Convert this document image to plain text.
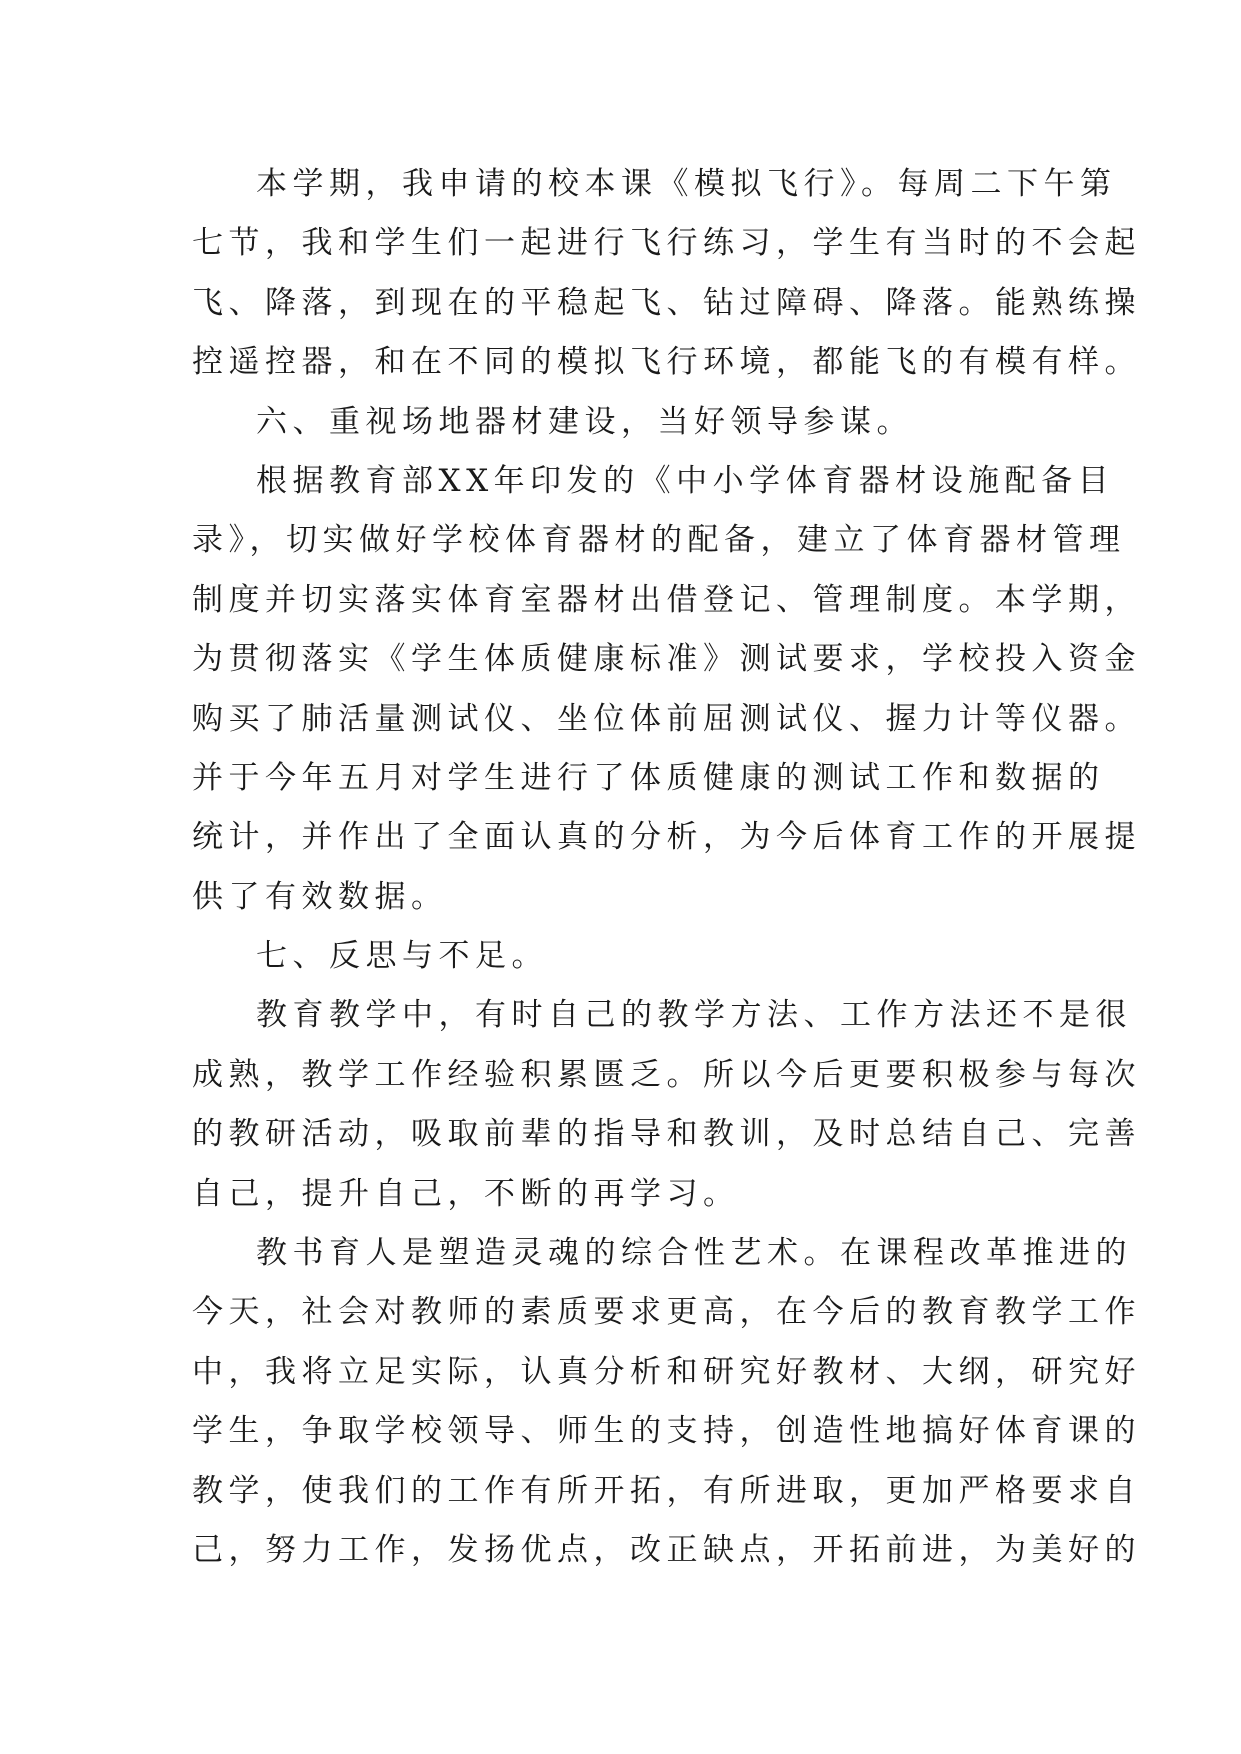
本学期，我申请的校本课《模拟飞行》。每周二下午第
七节，我和学生们一起进行飞行练习，学生有当时的不会起
飞、降落，到现在的平稳起飞、钻过障碍、降落。能熟练操
控遥控器，和在不同的模拟飞行环境，都能飞的有模有样。
六、重视场地器材建设，当好领导参谋。
根据教育部XX年印发的《中小学体育器材设施配备目
录》，切实做好学校体育器材的配备，建立了体育器材管理
制度并切实落实体育室器材出借登记、管理制度。本学期，
为贯彻落实《学生体质健康标准》测试要求，学校投入资金
购买了肺活量测试仪、坐位体前屈测试仪、握力计等仪器。
并于今年五月对学生进行了体质健康的测试工作和数据的
统计，并作出了全面认真的分析，为今后体育工作的开展提
供了有效数据。
七、反思与不足。
教育教学中，有时自己的教学方法、工作方法还不是很
成熟，教学工作经验积累匮乏。所以今后更要积极参与每次
的教研活动，吸取前辈的指导和教训，及时总结自己、完善
自己，提升自己，不断的再学习。
教书育人是塑造灵魂的综合性艺术。在课程改革推进的
今天，社会对教师的素质要求更高，在今后的教育教学工作
中，我将立足实际，认真分析和研究好教材、大纲，研究好
学生，争取学校领导、师生的支持，创造性地搞好体育课的
教学，使我们的工作有所开拓，有所进取，更加严格要求自
己，努力工作，发扬优点，改正缺点，开拓前进，为美好的
